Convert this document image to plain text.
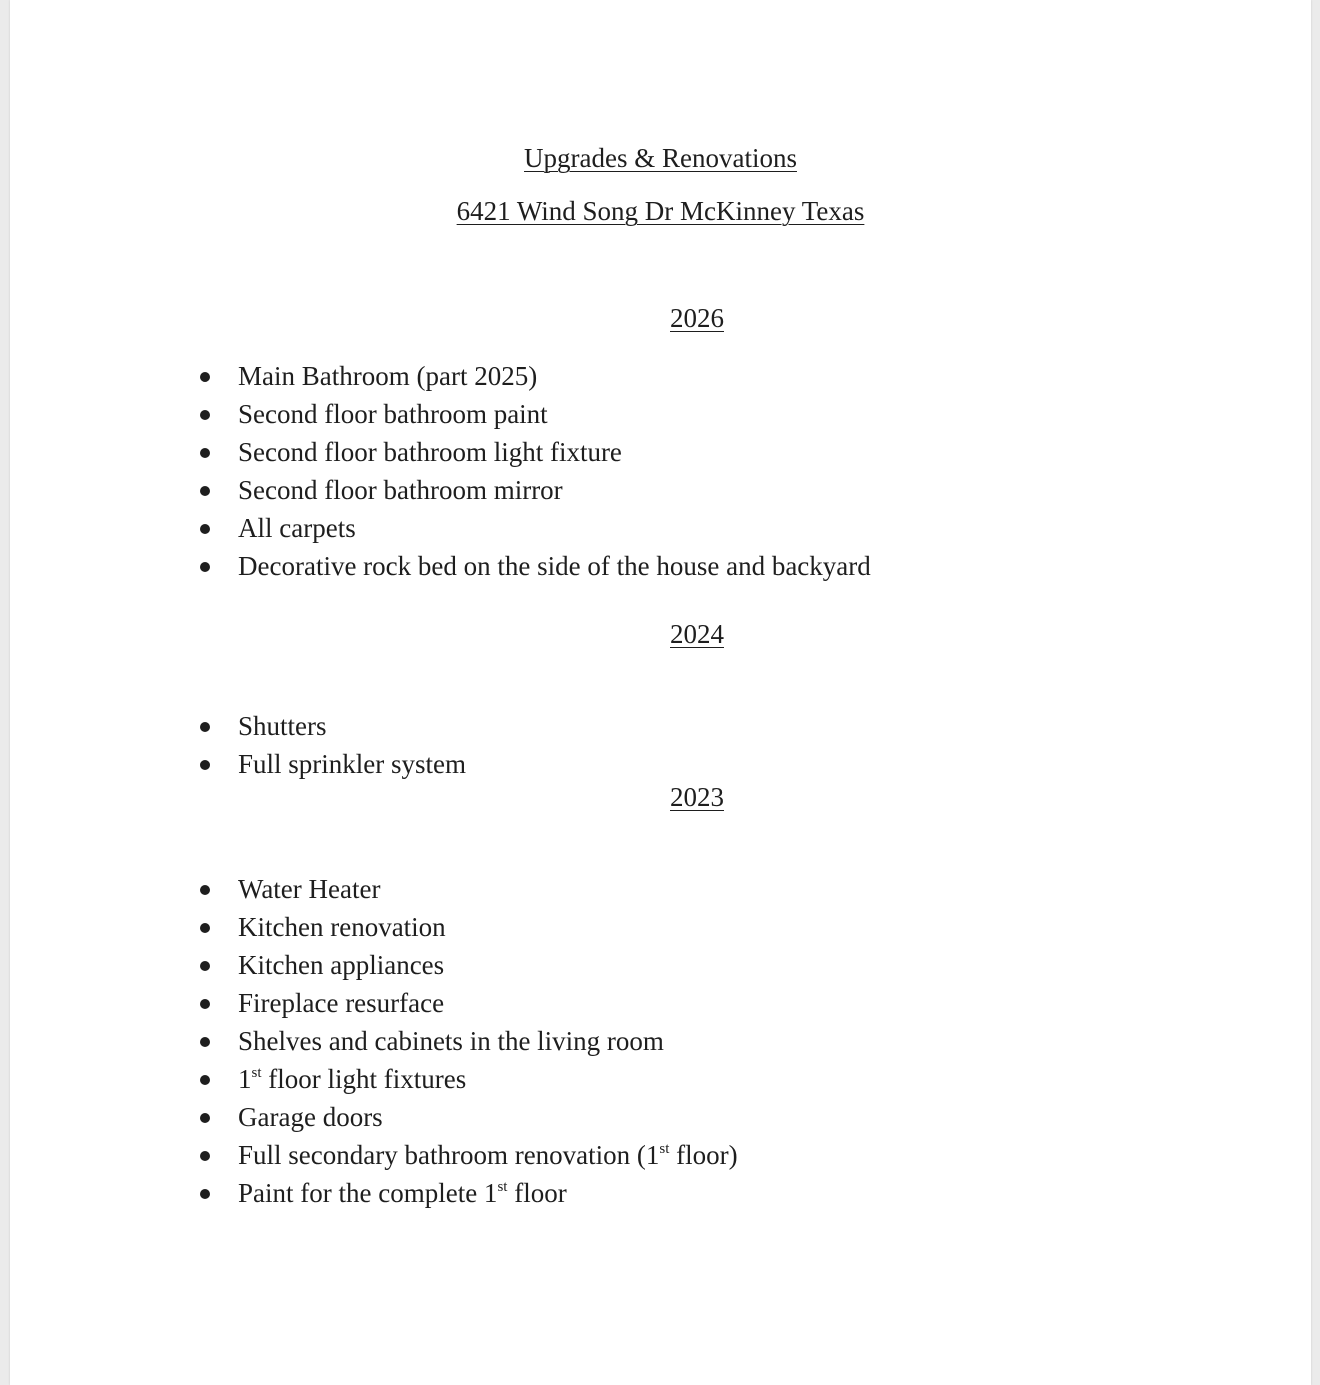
Upgrades & Renovations
6421 Wind Song Dr McKinney Texas
2026
Main Bathroom (part 2025)
Second floor bathroom paint
Second floor bathroom light fixture
Second floor bathroom mirror
All carpets
Decorative rock bed on the side of the house and backyard
2024
Shutters
Full sprinkler system
2023
Water Heater
Kitchen renovation
Kitchen appliances
Fireplace resurface
Shelves and cabinets in the living room
1st floor light fixtures
Garage doors
Full secondary bathroom renovation (1st floor)
Paint for the complete 1st floor
